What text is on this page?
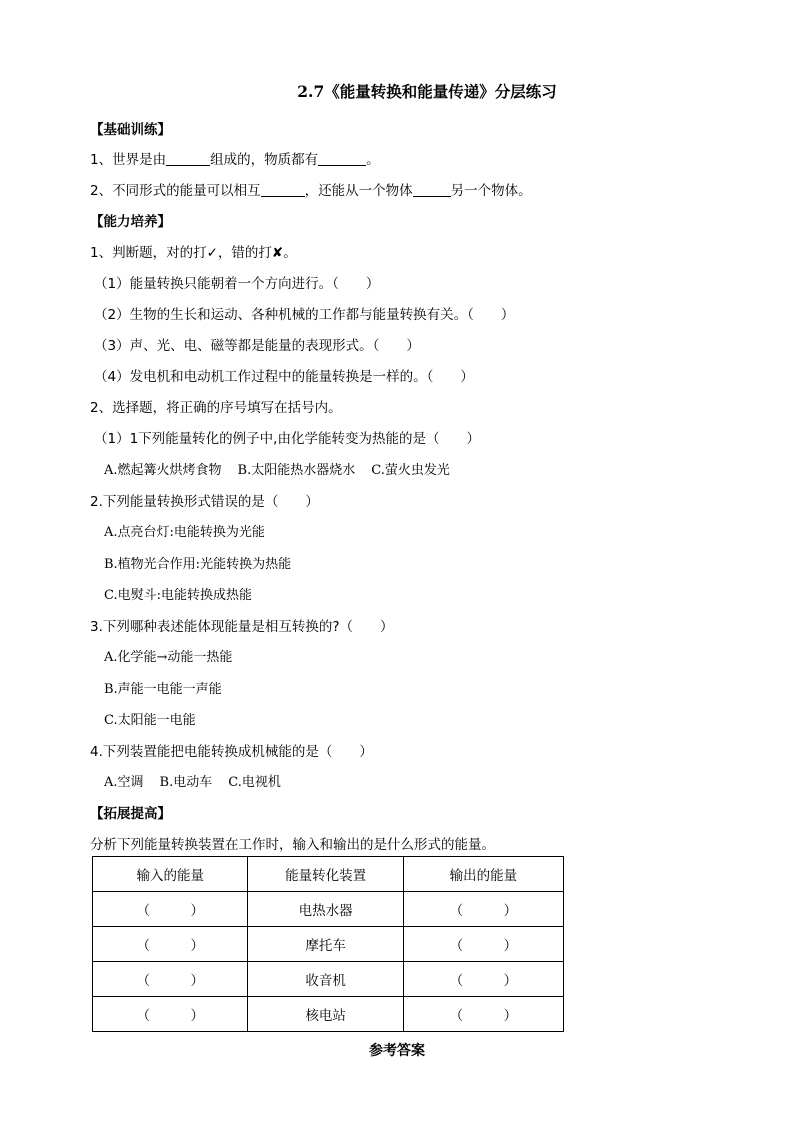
2.7《能量转换和能量传递》分层练习
【基础训练】
1、世界是由	组成的，物质都有	。
2、不同形式的能量可以相互	，还能从一个物体	另一个物体。
【能力培养】
1、判断题，对的打✓，错的打✘。
（1）能量转换只能朝着一个方向进行。（　　）
（2）生物的生长和运动、各种机械的工作都与能量转换有关。（　　）
（3）声、光、电、磁等都是能量的表现形式。（　　）
（4）发电机和电动机工作过程中的能量转换是一样的。（　　）
2、选择题，将正确的序号填写在括号内。
（1）1下列能量转化的例子中,由化学能转变为热能的是（　　）
A.燃起篝火烘烤食物 B.太阳能热水器烧水 C.萤火虫发光
2.下列能量转换形式错误的是（　　）
A.点亮台灯:电能转换为光能
B.植物光合作用:光能转换为热能
C.电熨斗:电能转换成热能
3.下列哪种表述能体现能量是相互转换的?（　　）
A.化学能→动能一热能
B.声能一电能一声能
C.太阳能一电能
4.下列装置能把电能转换成机械能的是（　　）
A.空调 B.电动车 C.电视机
【拓展提高】
分析下列能量转换装置在工作时，输入和输出的是什么形式的能量。
输入的能量	能量转化装置	输出的能量
（　　　）	电热水器	（　　　）
（　　　）	摩托车	（　　　）
（　　　）	收音机	（　　　）
（　　　）	核电站	（　　　）
参考答案
